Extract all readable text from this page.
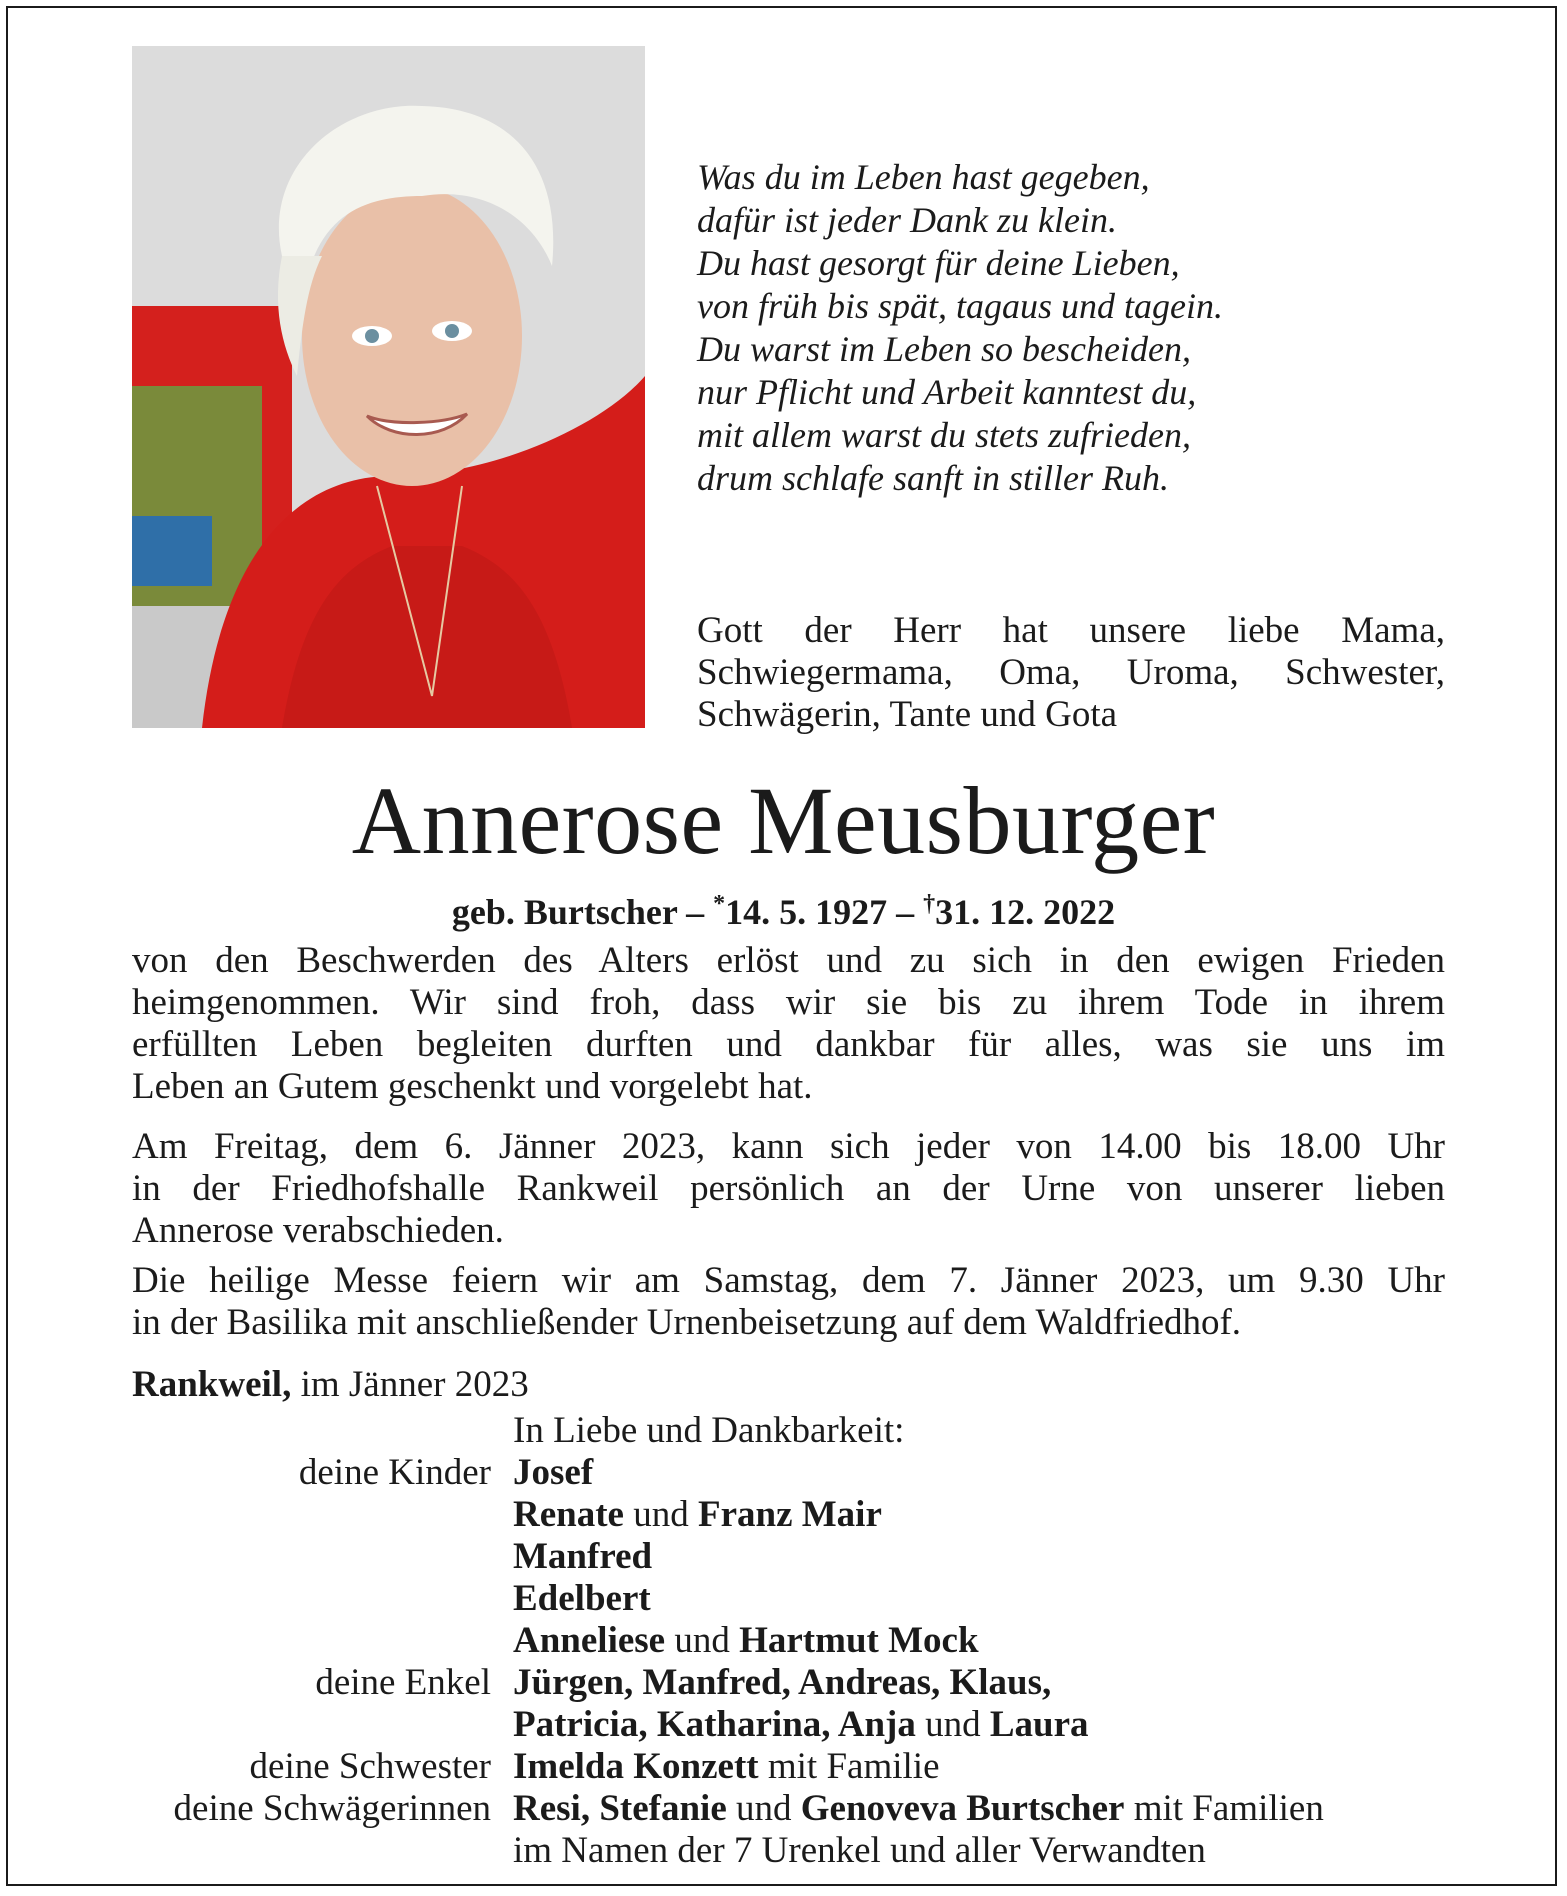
Was du im Leben hast gegeben,
dafür ist jeder Dank zu klein.
Du hast gesorgt für deine Lieben,
von früh bis spät, tagaus und tagein.
Du warst im Leben so bescheiden,
nur Pflicht und Arbeit kanntest du,
mit allem warst du stets zufrieden,
drum schlafe sanft in stiller Ruh.
Gott der Herr hat unsere liebe Mama,
Schwiegermama, Oma, Uroma, Schwester,
Schwägerin, Tante und Gota
Annerose Meusburger
geb. Burtscher – *14. 5. 1927 – †31. 12. 2022
von den Beschwerden des Alters erlöst und zu sich in den ewigen Frieden
heimgenommen. Wir sind froh, dass wir sie bis zu ihrem Tode in ihrem
erfüllten Leben begleiten durften und dankbar für alles, was sie uns im
Leben an Gutem geschenkt und vorgelebt hat.
Am Freitag, dem 6. Jänner 2023, kann sich jeder von 14.00 bis 18.00 Uhr
in der Friedhofshalle Rankweil persönlich an der Urne von unserer lieben
Annerose verabschieden.
Die heilige Messe feiern wir am Samstag, dem 7. Jänner 2023, um 9.30 Uhr
in der Basilika mit anschließender Urnenbeisetzung auf dem Waldfriedhof.
Rankweil, im Jänner 2023
In Liebe und Dankbarkeit:
deine Kinder Josef
Renate und Franz Mair
Manfred
Edelbert
Anneliese und Hartmut Mock
deine Enkel Jürgen, Manfred, Andreas, Klaus,
Patricia, Katharina, Anja und Laura
deine Schwester Imelda Konzett mit Familie
deine Schwägerinnen Resi, Stefanie und Genoveva Burtscher mit Familien
im Namen der 7 Urenkel und aller Verwandten
